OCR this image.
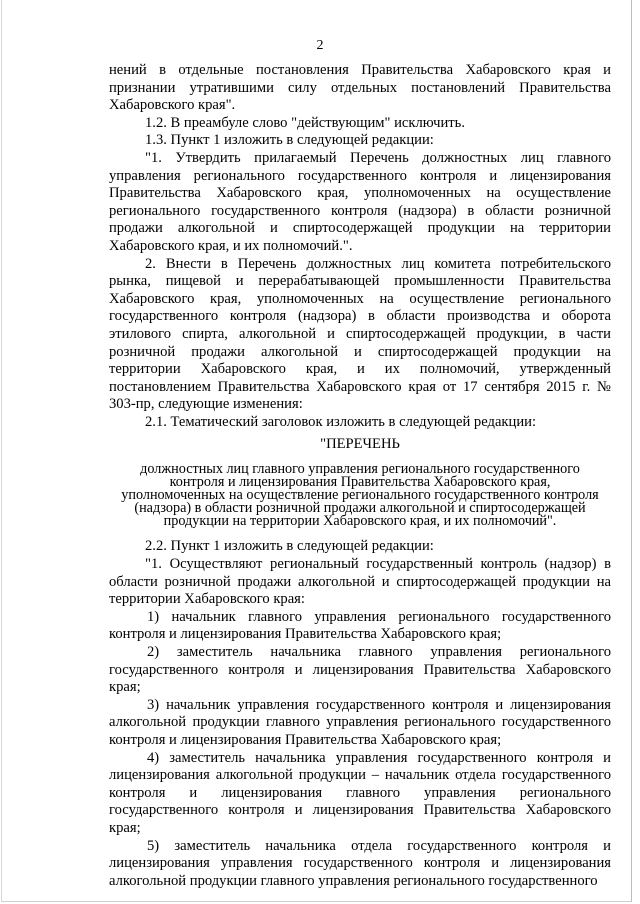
2

нений в отдельные постановления Правительства Хабаровского края и признании утратившими силу отдельных постановлений Правительства Хабаровского края".

1.2. В преамбуле слово "действующим" исключить.

1.3. Пункт 1 изложить в следующей редакции:

"1. Утвердить прилагаемый Перечень должностных лиц главного управления регионального государственного контроля и лицензирования Правительства Хабаровского края, уполномоченных на осуществление регионального государственного контроля (надзора) в области розничной продажи алкогольной и спиртосодержащей продукции на территории Хабаровского края, и их полномочий.".

2. Внести в Перечень должностных лиц комитета потребительского рынка, пищевой и перерабатывающей промышленности Правительства Хабаровского края, уполномоченных на осуществление регионального государственного контроля (надзора) в области производства и оборота этилового спирта, алкогольной и спиртосодержащей продукции, в части розничной продажи алкогольной и спиртосодержащей продукции на территории Хабаровского края, и их полномочий, утвержденный постановлением Правительства Хабаровского края от 17 сентября 2015 г. № 303-пр, следующие изменения:

2.1. Тематический заголовок изложить в следующей редакции:

"ПЕРЕЧЕНЬ

должностных лиц главного управления регионального государственного контроля и лицензирования Правительства Хабаровского края, уполномоченных на осуществление регионального государственного контроля (надзора) в области розничной продажи алкогольной и спиртосодержащей продукции на территории Хабаровского края, и их полномочий".

2.2. Пункт 1 изложить в следующей редакции:

"1. Осуществляют региональный государственный контроль (надзор) в области розничной продажи алкогольной и спиртосодержащей продукции на территории Хабаровского края:

1) начальник главного управления регионального государственного контроля и лицензирования Правительства Хабаровского края;

2) заместитель начальника главного управления регионального государственного контроля и лицензирования Правительства Хабаровского края;

3) начальник управления государственного контроля и лицензирования алкогольной продукции главного управления регионального государственного контроля и лицензирования Правительства Хабаровского края;

4) заместитель начальника управления государственного контроля и лицензирования алкогольной продукции – начальник отдела государственного контроля и лицензирования главного управления регионального государственного контроля и лицензирования Правительства Хабаровского края;

5) заместитель начальника отдела государственного контроля и лицензирования управления государственного контроля и лицензирования алкогольной продукции главного управления регионального государственного
